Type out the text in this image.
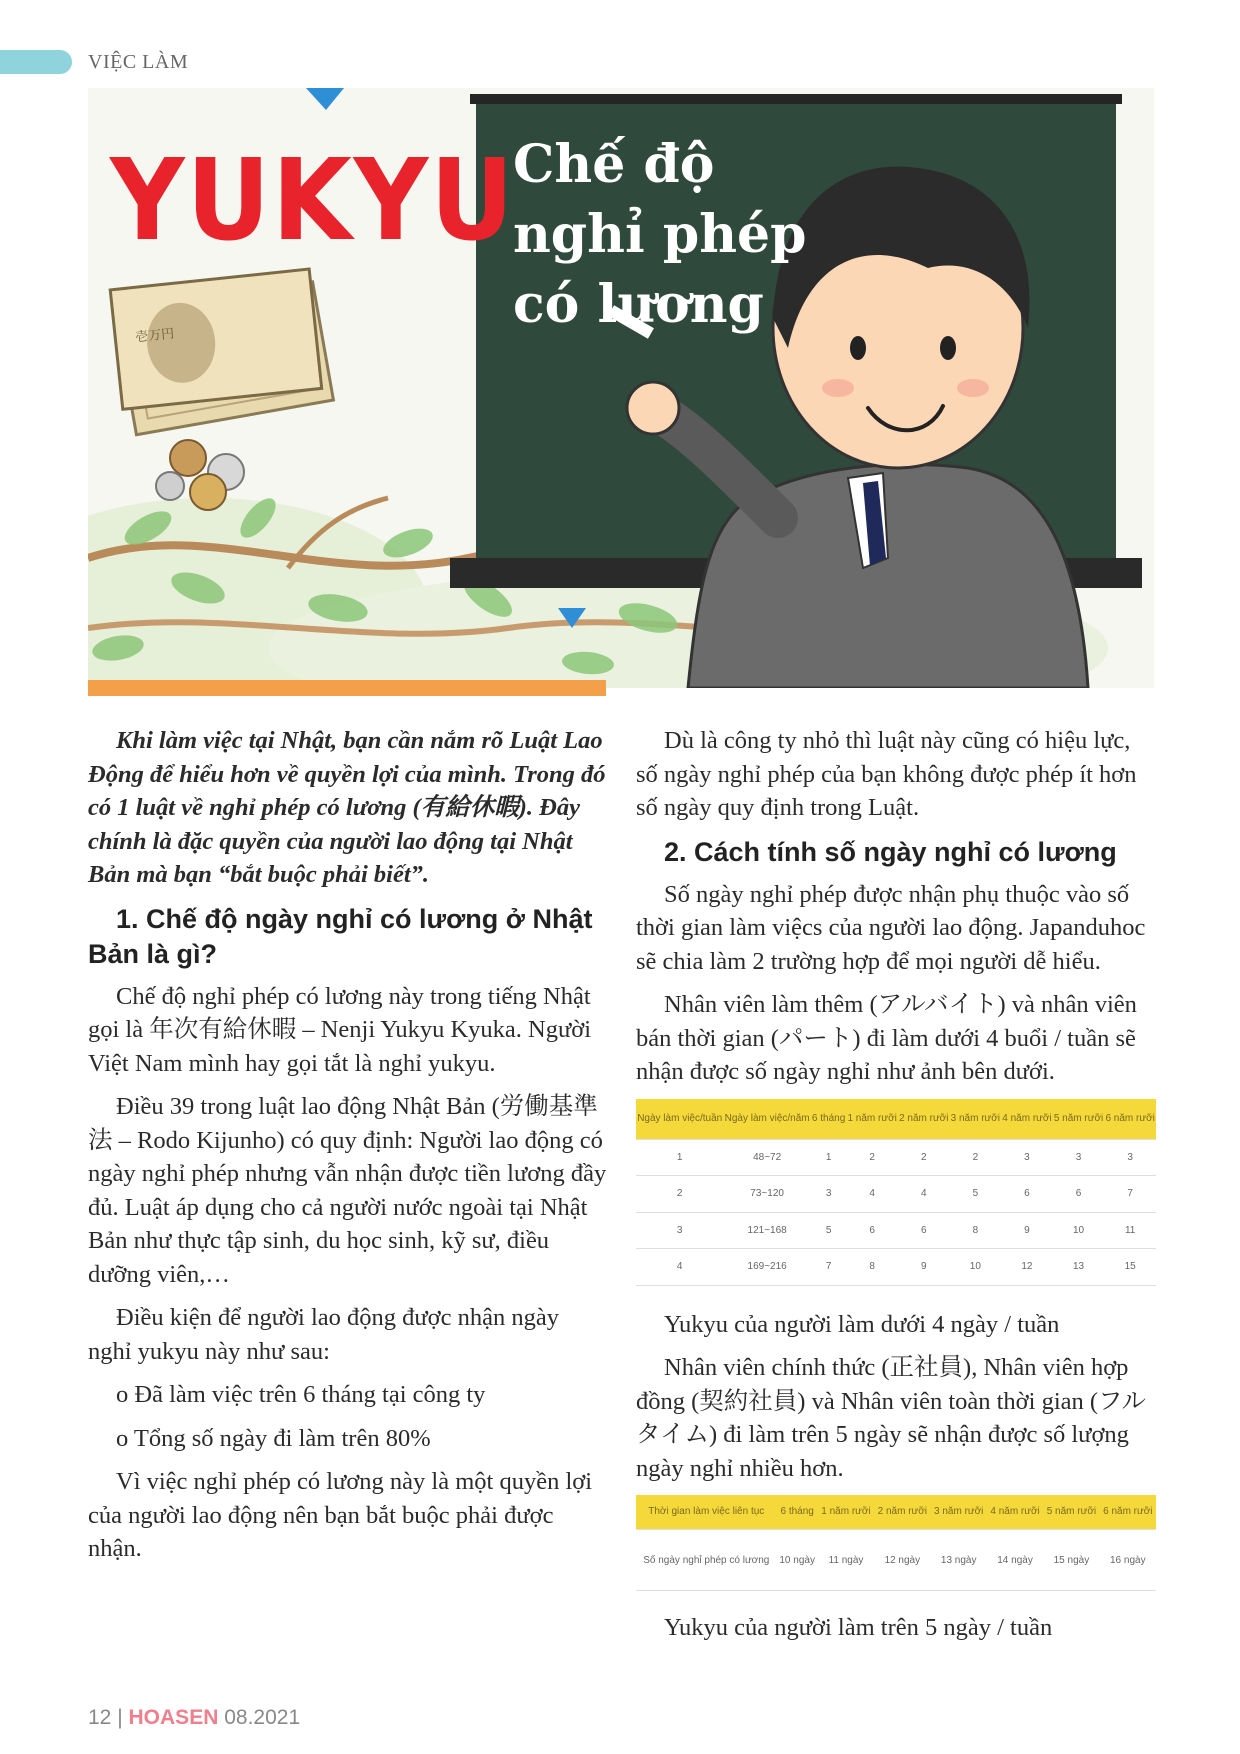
VIỆC LÀM
壱万円
YUKYU
Chế độ
nghỉ phép
có lương

Khi làm việc tại Nhật, bạn cần nắm rõ Luật Lao Động để hiểu hơn về quyền lợi của mình. Trong đó có 1 luật về nghỉ phép có lương (有給休暇). Đây chính là đặc quyền của người lao động tại Nhật Bản mà bạn “bắt buộc phải biết”.

1. Chế độ ngày nghỉ có lương ở Nhật Bản là gì?

Chế độ nghỉ phép có lương này trong tiếng Nhật gọi là 年次有給休暇 – Nenji Yukyu Kyuka. Người Việt Nam mình hay gọi tắt là nghỉ yukyu.

Điều 39 trong luật lao động Nhật Bản (労働基準法 – Rodo Kijunho) có quy định: Người lao động có ngày nghỉ phép nhưng vẫn nhận được tiền lương đầy đủ. Luật áp dụng cho cả người nước ngoài tại Nhật Bản như thực tập sinh, du học sinh, kỹ sư, điều dưỡng viên,…

Điều kiện để người lao động được nhận ngày nghỉ yukyu này như sau:

o Đã làm việc trên 6 tháng tại công ty
o Tổng số ngày đi làm trên 80%

Vì việc nghỉ phép có lương này là một quyền lợi của người lao động nên bạn bắt buộc phải được nhận.

Dù là công ty nhỏ thì luật này cũng có hiệu lực, số ngày nghỉ phép của bạn không được phép ít hơn số ngày quy định trong Luật.

2. Cách tính số ngày nghỉ có lương

Số ngày nghỉ phép được nhận phụ thuộc vào số thời gian làm việcs của người lao động. Japanduhoc sẽ chia làm 2 trường hợp để mọi người dễ hiểu.

Nhân viên làm thêm (アルバイト) và nhân viên bán thời gian (パート) đi làm dưới 4 buổi / tuần sẽ nhận được số ngày nghỉ như ảnh bên dưới.

Ngày làm việc/tuần	Ngày làm việc/năm	6 tháng	1 năm rưỡi	2 năm rưỡi	3 năm rưỡi	4 năm rưỡi	5 năm rưỡi	6 năm rưỡi
1	48~72	1	2	2	2	3	3	3
2	73~120	3	4	4	5	6	6	7
3	121~168	5	6	6	8	9	10	11
4	169~216	7	8	9	10	12	13	15

Yukyu của người làm dưới 4 ngày / tuần

Nhân viên chính thức (正社員), Nhân viên hợp đồng (契約社員) và Nhân viên toàn thời gian (フルタイム) đi làm trên 5 ngày sẽ nhận được số lượng ngày nghỉ nhiều hơn.

Thời gian làm việc liên tục	6 tháng	1 năm rưỡi	2 năm rưỡi	3 năm rưỡi	4 năm rưỡi	5 năm rưỡi	6 năm rưỡi
Số ngày nghỉ phép có lương	10 ngày	11 ngày	12 ngày	13 ngày	14 ngày	15 ngày	16 ngày

Yukyu của người làm trên 5 ngày / tuần

12 | HOASEN 08.2021
